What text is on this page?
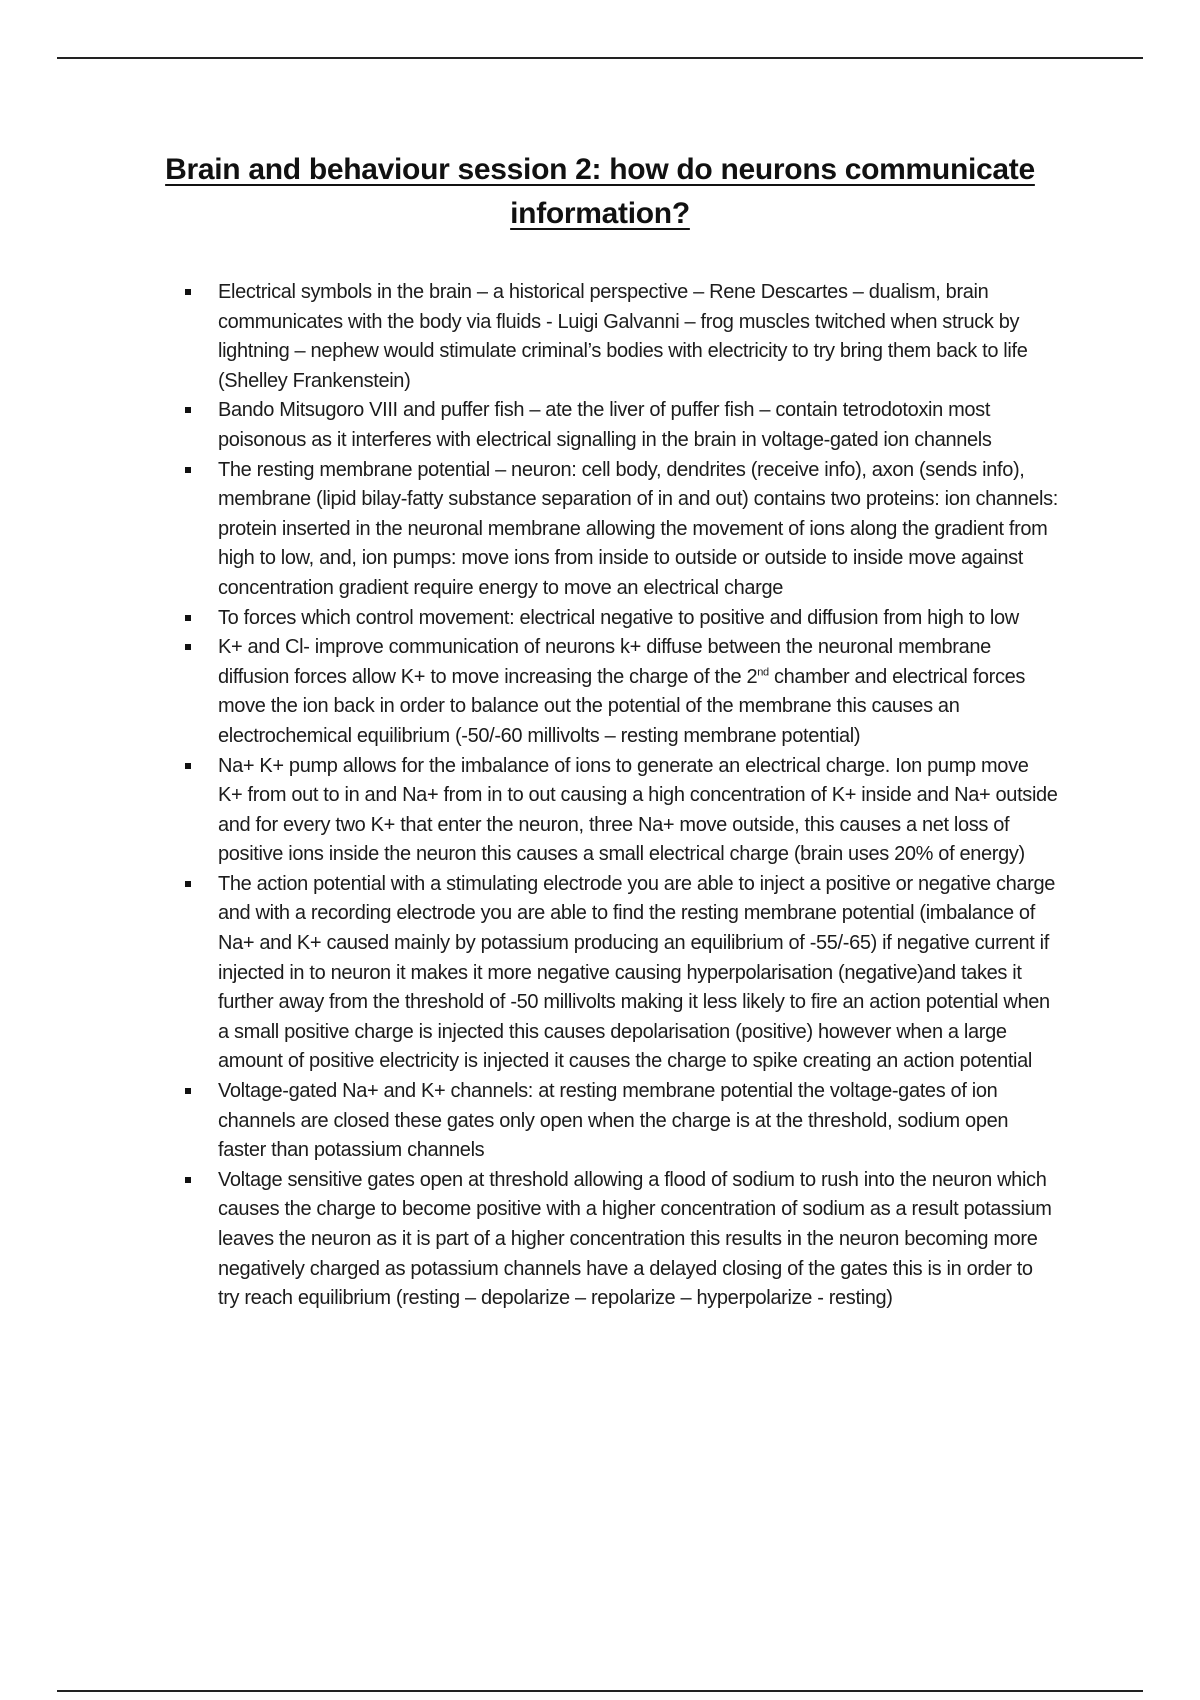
Brain and behaviour session 2: how do neurons communicate information?
Electrical symbols in the brain – a historical perspective – Rene Descartes – dualism, brain communicates with the body via fluids - Luigi Galvanni – frog muscles twitched when struck by lightning – nephew would stimulate criminal’s bodies with electricity to try bring them back to life (Shelley Frankenstein)
Bando Mitsugoro VIII and puffer fish – ate the liver of puffer fish – contain tetrodotoxin most poisonous as it interferes with electrical signalling in the brain in voltage-gated ion channels
The resting membrane potential – neuron: cell body, dendrites (receive info), axon (sends info), membrane (lipid bilay-fatty substance separation of in and out) contains two proteins: ion channels: protein inserted in the neuronal membrane allowing the movement of ions along the gradient from high to low, and, ion pumps: move ions from inside to outside or outside to inside move against concentration gradient require energy to move an electrical charge
To forces which control movement: electrical negative to positive and diffusion from high to low
K+ and Cl- improve communication of neurons k+ diffuse between the neuronal membrane diffusion forces allow K+ to move increasing the charge of the 2nd chamber and electrical forces move the ion back in order to balance out the potential of the membrane this causes an electrochemical equilibrium (-50/-60 millivolts – resting membrane potential)
Na+ K+ pump allows for the imbalance of ions to generate an electrical charge. Ion pump move K+ from out to in and Na+ from in to out causing a high concentration of K+ inside and Na+ outside and for every two K+ that enter the neuron, three Na+ move outside, this causes a net loss of positive ions inside the neuron this causes a small electrical charge (brain uses 20% of energy)
The action potential with a stimulating electrode you are able to inject a positive or negative charge and with a recording electrode you are able to find the resting membrane potential (imbalance of Na+ and K+ caused mainly by potassium producing an equilibrium of -55/-65) if negative current if injected in to neuron it makes it more negative causing hyperpolarisation (negative)and takes it further away from the threshold of -50 millivolts making it less likely to fire an action potential when a small positive charge is injected this causes depolarisation (positive) however when a large amount of positive electricity is injected it causes the charge to spike creating an action potential
Voltage-gated Na+ and K+ channels: at resting membrane potential the voltage-gates of ion channels are closed these gates only open when the charge is at the threshold, sodium open faster than potassium channels
Voltage sensitive gates open at threshold allowing a flood of sodium to rush into the neuron which causes the charge to become positive with a higher concentration of sodium as a result potassium leaves the neuron as it is part of a higher concentration this results in the neuron becoming more negatively charged as potassium channels have a delayed closing of the gates this is in order to try reach equilibrium (resting – depolarize – repolarize – hyperpolarize - resting)
